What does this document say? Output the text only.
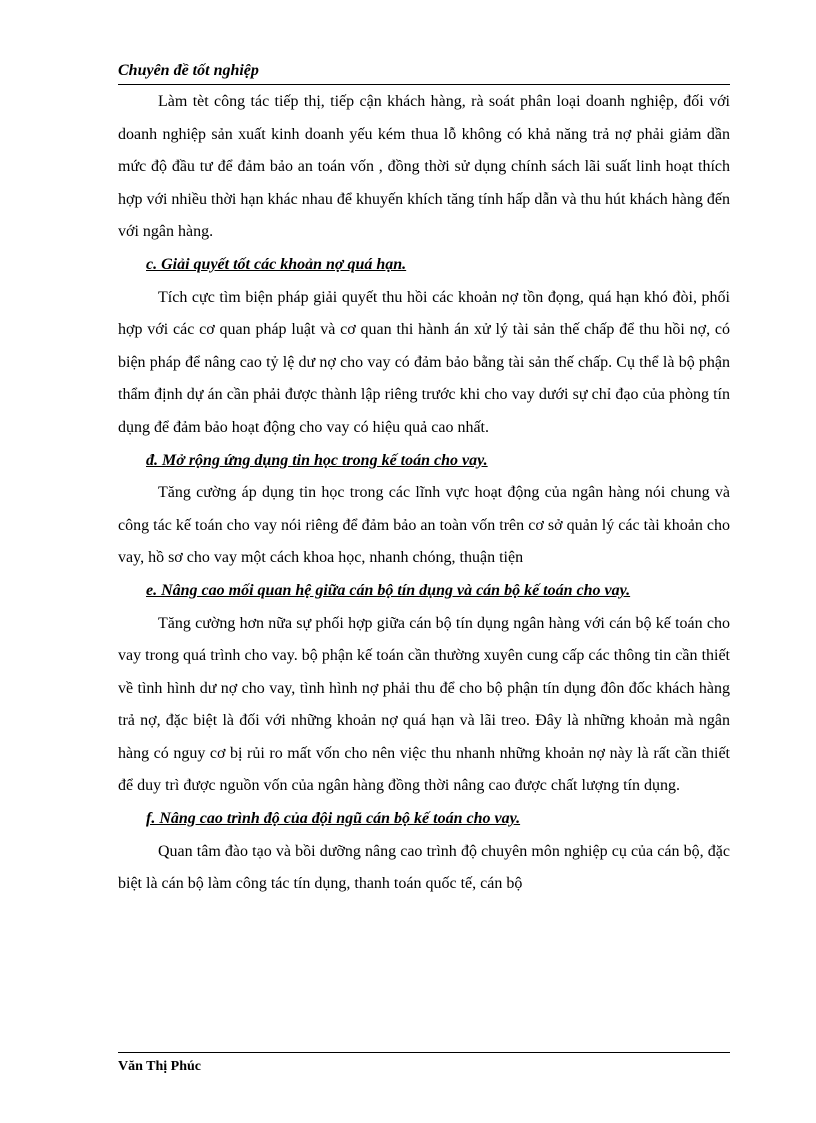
Chuyên đề tốt nghiệp

Làm tèt công tác tiếp thị, tiếp cận khách hàng, rà soát phân loại doanh nghiệp, đối với doanh nghiệp sản xuất kinh doanh yếu kém thua lỗ không có khả năng trả nợ phải giảm dần mức độ đầu tư để đảm bảo an toán vốn , đồng thời sử dụng chính sách lãi suất linh hoạt thích hợp với nhiều thời hạn khác nhau để khuyến khích tăng tính hấp dẫn và thu hút khách hàng đến với ngân hàng.

c. Giải quyết tốt các khoản nợ quá hạn.

Tích cực tìm biện pháp giải quyết thu hồi các khoản nợ tồn đọng, quá hạn khó đòi, phối hợp với các cơ quan pháp luật và cơ quan thi hành án xử lý tài sản thế chấp để thu hồi nợ, có biện pháp để nâng cao tỷ lệ dư nợ cho vay có đảm bảo bằng tài sản thế chấp. Cụ thể là bộ phận thẩm định dự án cần phải được thành lập riêng trước khi cho vay dưới sự chỉ đạo của phòng tín dụng để đảm bảo hoạt động cho vay có hiệu quả cao nhất.

đ. Mở rộng ứng dụng tin học trong kế toán cho vay.

Tăng cường áp dụng tin học trong các lĩnh vực hoạt động của ngân hàng nói chung và công tác kế toán cho vay nói riêng để đảm bảo an toàn vốn trên cơ sở quản lý các tài khoản cho vay, hồ sơ cho vay một cách khoa học, nhanh chóng, thuận tiện

e. Nâng cao mối quan hệ giữa cán bộ tín dụng và cán bộ kế toán cho vay.

Tăng cường hơn nữa sự phối hợp giữa cán bộ tín dụng ngân hàng với cán bộ kế toán cho vay trong quá trình cho vay. bộ phận kế toán cần thường xuyên cung cấp các thông tin cần thiết về tình hình dư nợ cho vay, tình hình nợ phải thu để cho bộ phận tín dụng đôn đốc khách hàng trả nợ, đặc biệt là đối với những khoản nợ quá hạn và lãi treo. Đây là những khoản mà ngân hàng có nguy cơ bị rủi ro mất vốn cho nên việc thu nhanh những khoản nợ này là rất cần thiết để duy trì được nguồn vốn của ngân hàng đồng thời nâng cao được chất lượng tín dụng.

f. Nâng cao trình độ của đội ngũ cán bộ kế toán cho vay.

Quan tâm đào tạo và bồi dưỡng nâng cao trình độ chuyên môn nghiệp cụ của cán bộ, đặc biệt là cán bộ làm công tác tín dụng, thanh toán quốc tế, cán bộ

Văn Thị Phúc
